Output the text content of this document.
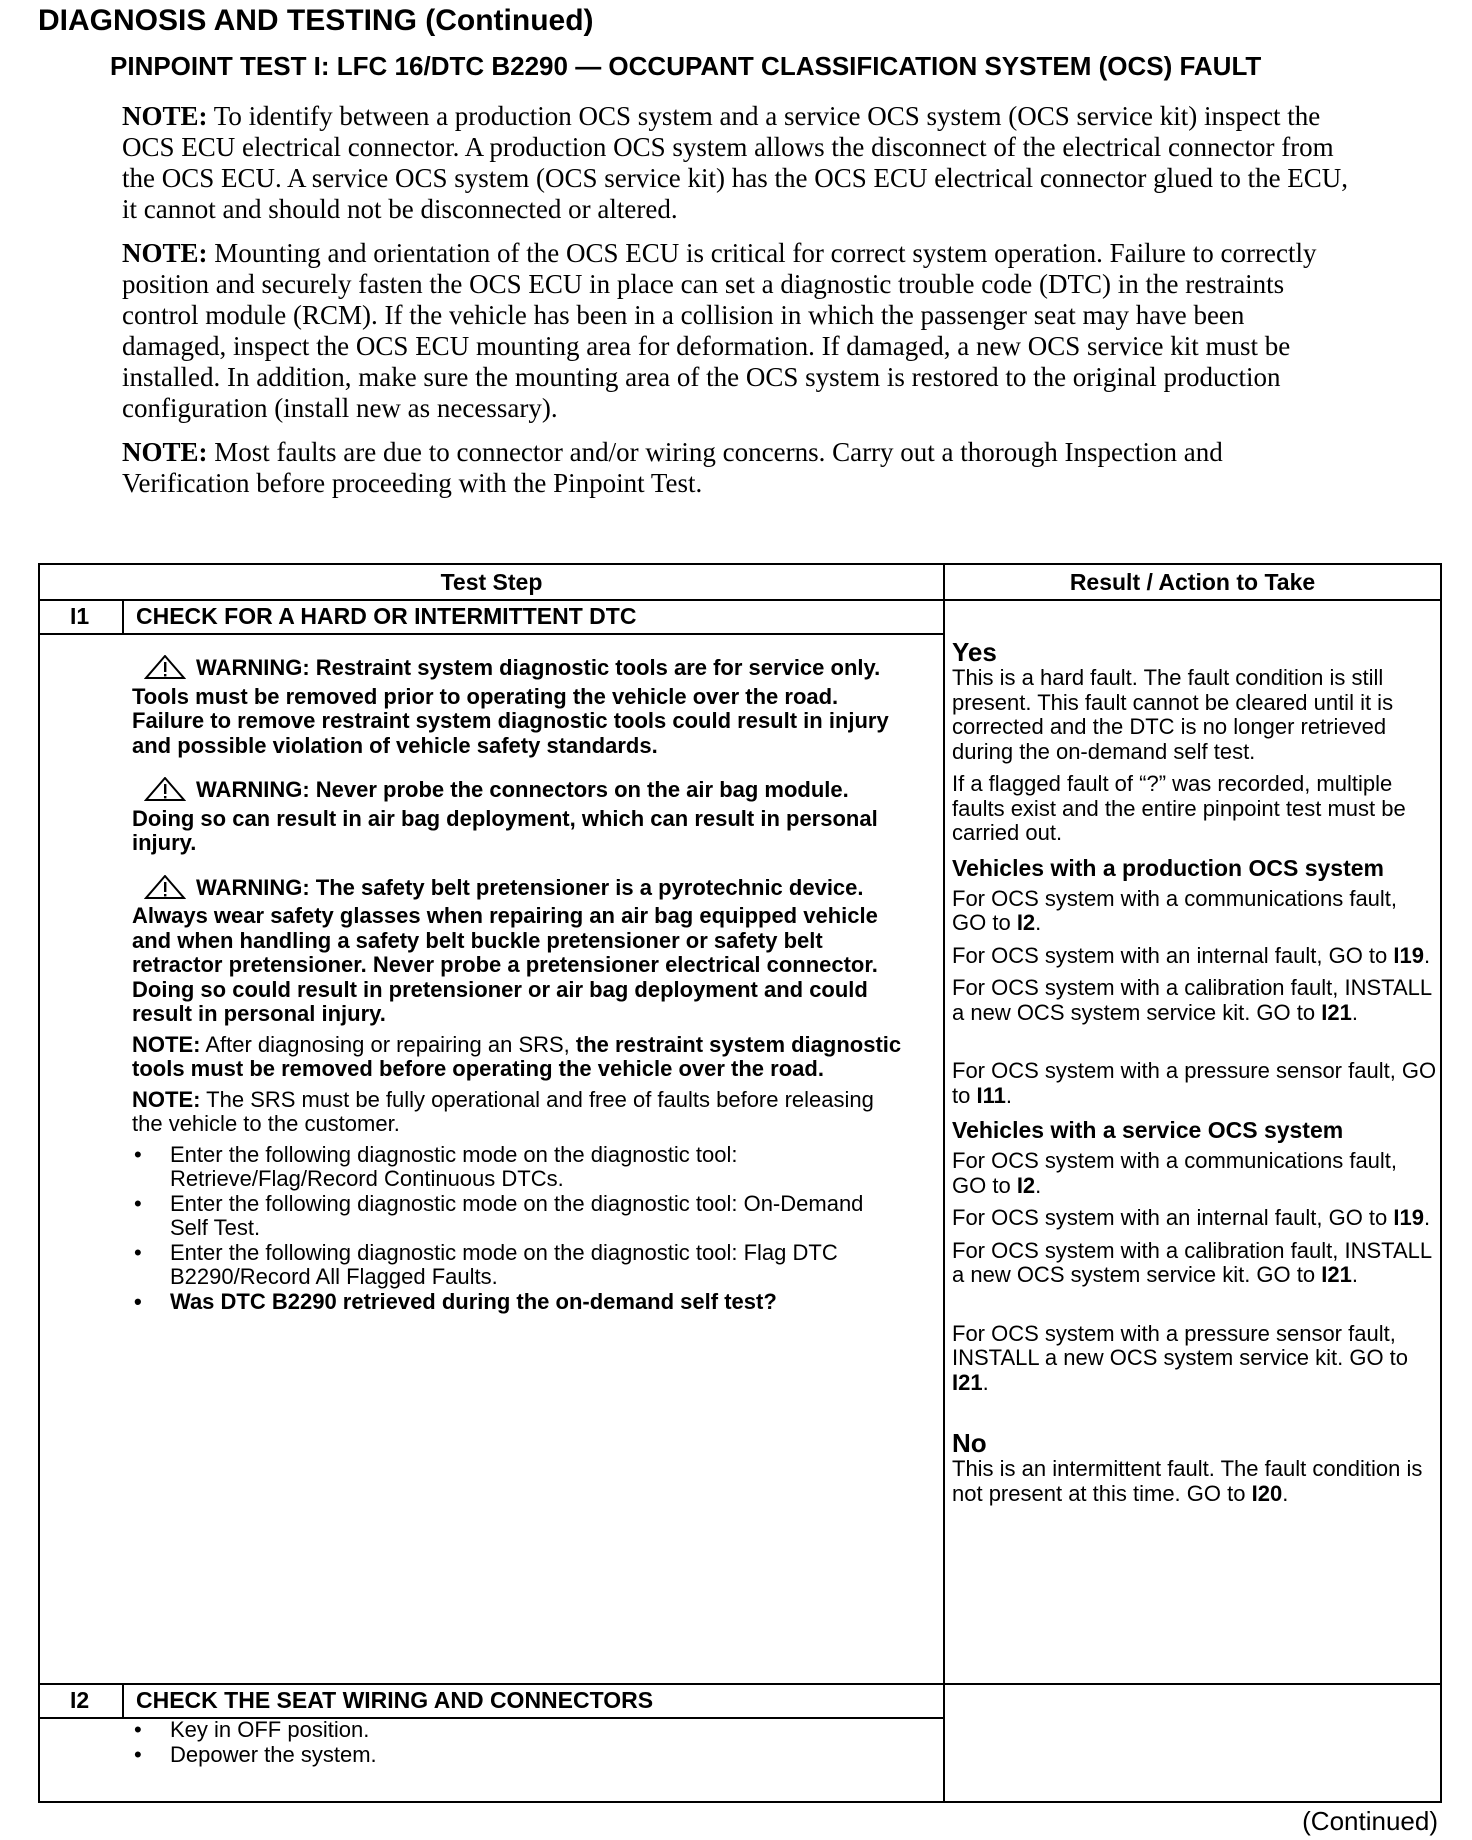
DIAGNOSIS AND TESTING (Continued)
PINPOINT TEST I: LFC 16/DTC B2290 — OCCUPANT CLASSIFICATION SYSTEM (OCS) FAULT

NOTE: To identify between a production OCS system and a service OCS system (OCS service kit) inspect the OCS ECU electrical connector. A production OCS system allows the disconnect of the electrical connector from the OCS ECU. A service OCS system (OCS service kit) has the OCS ECU electrical connector glued to the ECU, it cannot and should not be disconnected or altered.

NOTE: Mounting and orientation of the OCS ECU is critical for correct system operation. Failure to correctly position and securely fasten the OCS ECU in place can set a diagnostic trouble code (DTC) in the restraints control module (RCM). If the vehicle has been in a collision in which the passenger seat may have been damaged, inspect the OCS ECU mounting area for deformation. If damaged, a new OCS service kit must be installed. In addition, make sure the mounting area of the OCS system is restored to the original production configuration (install new as necessary).

NOTE: Most faults are due to connector and/or wiring concerns. Carry out a thorough Inspection and Verification before proceeding with the Pinpoint Test.

Test Step	Result / Action to Take
I1 CHECK FOR A HARD OR INTERMITTENT DTC
I2 CHECK THE SEAT WIRING AND CONNECTORS

WARNING: Restraint system diagnostic tools are for service only. Tools must be removed prior to operating the vehicle over the road. Failure to remove restraint system diagnostic tools could result in injury and possible violation of vehicle safety standards.

WARNING: Never probe the connectors on the air bag module. Doing so can result in air bag deployment, which can result in personal injury.

WARNING: The safety belt pretensioner is a pyrotechnic device. Always wear safety glasses when repairing an air bag equipped vehicle and when handling a safety belt buckle pretensioner or safety belt retractor pretensioner. Never probe a pretensioner electrical connector. Doing so could result in pretensioner or air bag deployment and could result in personal injury.

NOTE: After diagnosing or repairing an SRS, the restraint system diagnostic tools must be removed before operating the vehicle over the road.

NOTE: The SRS must be fully operational and free of faults before releasing the vehicle to the customer.

• Enter the following diagnostic mode on the diagnostic tool: Retrieve/Flag/Record Continuous DTCs.
• Enter the following diagnostic mode on the diagnostic tool: On-Demand Self Test.
• Enter the following diagnostic mode on the diagnostic tool: Flag DTC B2290/Record All Flagged Faults.
• Was DTC B2290 retrieved during the on-demand self test?
Yes

This is a hard fault. The fault condition is still present. This fault cannot be cleared until it is corrected and the DTC is no longer retrieved during the on-demand self test.

If a flagged fault of “?” was recorded, multiple faults exist and the entire pinpoint test must be carried out.

Vehicles with a production OCS system

For OCS system with a communications fault, GO to I2.

For OCS system with an internal fault, GO to I19.

For OCS system with a calibration fault, INSTALL a new OCS system service kit. GO to I21.

For OCS system with a pressure sensor fault, GO to I11.

Vehicles with a service OCS system

For OCS system with a communications fault, GO to I2.

For OCS system with an internal fault, GO to I19.

For OCS system with a calibration fault, INSTALL a new OCS system service kit. GO to I21.

For OCS system with a pressure sensor fault, INSTALL a new OCS system service kit. GO to I21.

No

This is an intermittent fault. The fault condition is not present at this time. GO to I20.

• Key in OFF position.
• Depower the system.
(Continued)
